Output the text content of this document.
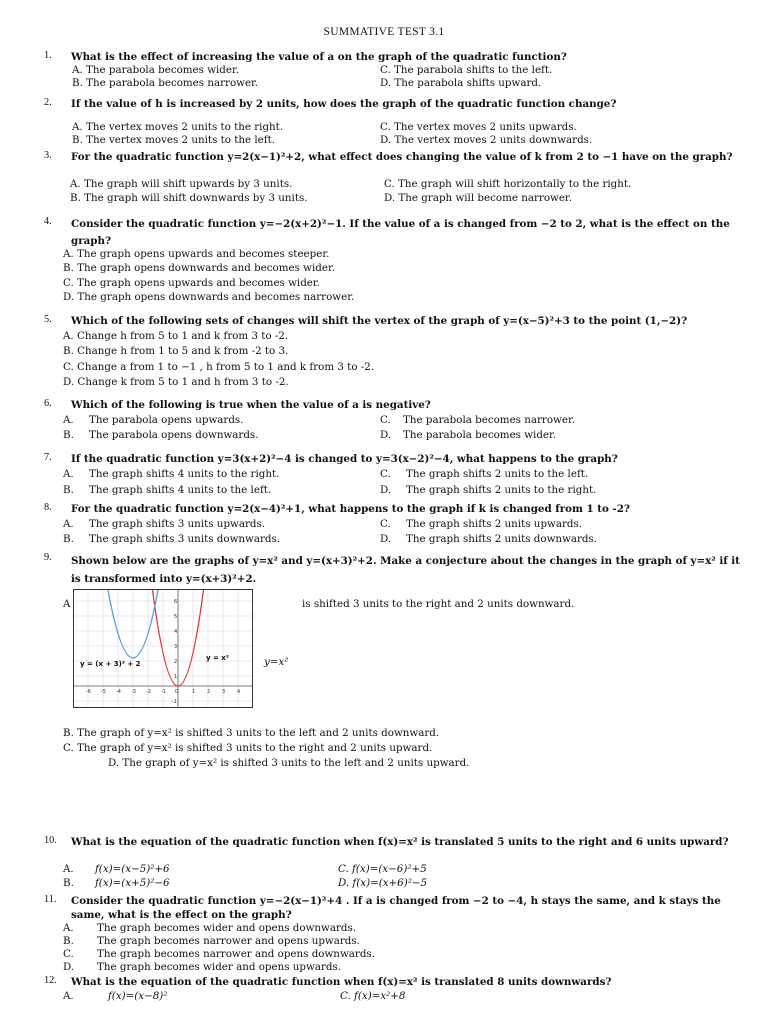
SUMMATIVE TEST 3.1
1. What is the effect of increasing the value of a on the graph of the quadratic function?
A. The parabola becomes wider.	C. The parabola shifts to the left.
B. The parabola becomes narrower.	D. The parabola shifts upward.
2. If the value of h is increased by 2 units, how does the graph of the quadratic function change?
A. The vertex moves 2 units to the right.	C. The vertex moves 2 units upwards.
B. The vertex moves 2 units to the left.	D. The vertex moves 2 units downwards.
3. For the quadratic function y=2(x−1)²+2, what effect does changing the value of k from 2 to −1 have on the graph?
A. The graph will shift upwards by 3 units.	C. The graph will shift horizontally to the right.
B. The graph will shift downwards by 3 units.	D. The graph will become narrower.
4. Consider the quadratic function y=−2(x+2)²−1. If the value of a is changed from −2 to 2, what is the effect on the graph?
A. The graph opens upwards and becomes steeper.
B. The graph opens downwards and becomes wider.
C. The graph opens upwards and becomes wider.
D. The graph opens downwards and becomes narrower.
5. Which of the following sets of changes will shift the vertex of the graph of y=(x−5)²+3 to the point (1,−2)?
A. Change h from 5 to 1 and k from 3 to -2.
B. Change h from 1 to 5 and k from -2 to 3.
C. Change a from 1 to −1 , h from 5 to 1 and k from 3 to -2.
D. Change k from 5 to 1 and h from 3 to -2.
6. Which of the following is true when the value of a is negative?
A. The parabola opens upwards.	C. The parabola becomes narrower.
B. The parabola opens downwards.	D. The parabola becomes wider.
7. If the quadratic function y=3(x+2)²−4 is changed to y=3(x−2)²−4, what happens to the graph?
A. The graph shifts 4 units to the right.	C. The graph shifts 2 units to the left.
B. The graph shifts 4 units to the left.	D. The graph shifts 2 units to the right.
8. For the quadratic function y=2(x−4)²+1, what happens to the graph if k is changed from 1 to -2?
A. The graph shifts 3 units upwards.	C. The graph shifts 2 units upwards.
B. The graph shifts 3 units downwards.	D. The graph shifts 2 units downwards.
9. Shown below are the graphs of y=x² and y=(x+3)²+2. Make a conjecture about the changes in the graph of y=x² if it is transformed into y=(x+3)²+2.
A
-6 -5 -4 -3 -2 -1 0	1 2 3 4
6
5
4
3
2
1
-1
y = (x + 3)² + 2
y = x²
is shifted 3 units to the right and 2 units downward.
y=x²
B. The graph of y=x² is shifted 3 units to the left and 2 units downward.
C. The graph of y=x² is shifted 3 units to the right and 2 units upward.
D. The graph of y=x² is shifted 3 units to the left and 2 units upward.
10. What is the equation of the quadratic function when f(x)=x² is translated 5 units to the right and 6 units upward?
A. f(x)=(x−5)²+6	C. f(x)=(x−6)²+5
B. f(x)=(x+5)²−6	D. f(x)=(x+6)²−5
11. Consider the quadratic function y=−2(x−1)²+4 . If a is changed from −2 to −4, h stays the same, and k stays the same, what is the effect on the graph?
A. The graph becomes wider and opens downwards.
B. The graph becomes narrower and opens upwards.
C. The graph becomes narrower and opens downwards.
D. The graph becomes wider and opens upwards.
12. What is the equation of the quadratic function when f(x)=x² is translated 8 units downwards?
A.	f(x)=(x−8)²	C. f(x)=x²+8
